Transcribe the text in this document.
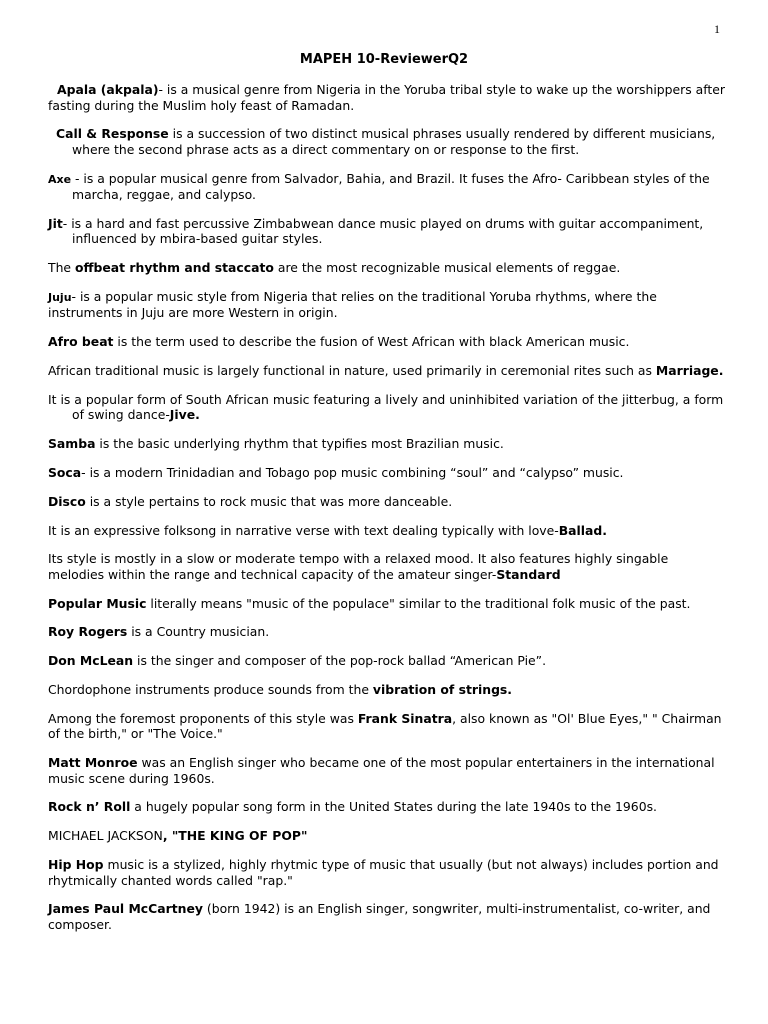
1
MAPEH 10-ReviewerQ2

Apala (akpala)- is a musical genre from Nigeria in the Yoruba tribal style to wake up the worshippers after fasting during the Muslim holy feast of Ramadan.

Call & Response is a succession of two distinct musical phrases usually rendered by different musicians, where the second phrase acts as a direct commentary on or response to the first.

Axe - is a popular musical genre from Salvador, Bahia, and Brazil. It fuses the Afro- Caribbean styles of the marcha, reggae, and calypso.

Jit- is a hard and fast percussive Zimbabwean dance music played on drums with guitar accompaniment, influenced by mbira-based guitar styles.

The offbeat rhythm and staccato are the most recognizable musical elements of reggae.

Juju- is a popular music style from Nigeria that relies on the traditional Yoruba rhythms, where the instruments in Juju are more Western in origin.

Afro beat is the term used to describe the fusion of West African with black American music.

African traditional music is largely functional in nature, used primarily in ceremonial rites such as Marriage.

It is a popular form of South African music featuring a lively and uninhibited variation of the jitterbug, a form of swing dance-Jive.

Samba is the basic underlying rhythm that typifies most Brazilian music.

Soca- is a modern Trinidadian and Tobago pop music combining “soul” and “calypso” music.

Disco is a style pertains to rock music that was more danceable.

It is an expressive folksong in narrative verse with text dealing typically with love-Ballad.

Its style is mostly in a slow or moderate tempo with a relaxed mood. It also features highly singable melodies within the range and technical capacity of the amateur singer-Standard

Popular Music literally means "music of the populace" similar to the traditional folk music of the past.

Roy Rogers is a Country musician.

Don McLean is the singer and composer of the pop-rock ballad “American Pie”.

Chordophone instruments produce sounds from the vibration of strings.

Among the foremost proponents of this style was Frank Sinatra, also known as "Ol' Blue Eyes," " Chairman of the birth," or "The Voice."

Matt Monroe was an English singer who became one of the most popular entertainers in the international music scene during 1960s.

Rock n’ Roll a hugely popular song form in the United States during the late 1940s to the 1960s.

MICHAEL JACKSON, "THE KING OF POP"

Hip Hop music is a stylized, highly rhytmic type of music that usually (but not always) includes portion and rhytmically chanted words called "rap."

James Paul McCartney (born 1942) is an English singer, songwriter, multi-instrumentalist, co-writer, and composer.
